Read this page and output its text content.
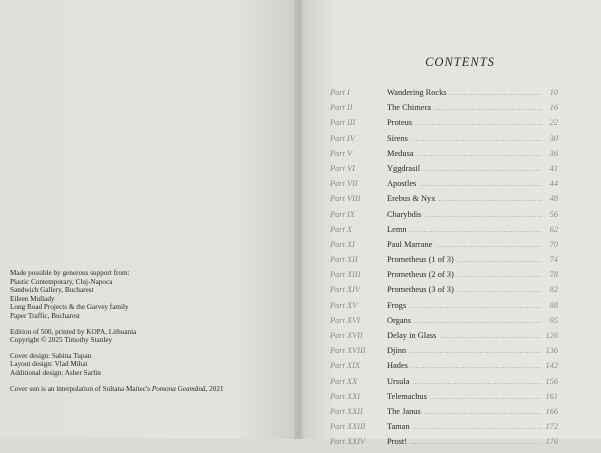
Made possible by generous support from:
Plastic Contemporary, Cluj-Napoca
Sandwich Gallery, Bucharest
Eileen Mullady
Long Road Projects & the Garvey family
Paper Traffic, Bucharest
Edition of 500, printed by KOPA, Lithuania
Copyright © 2025 Timothy Stanley
Cover design: Sabina Tupan
Layout design: Vlad Mihai
Additional design: Asher Sarlin
Cover sun is an interpolation of Sultana Maitec's Pomona Geamănă, 2021
CONTENTS
Part I	Wandering Rocks .....	10
Part II	The Chimera .....	16
Part III	Proteus .....	22
Part IV	Sirens .....	30
Part V	Medusa .....	36
Part VI	Yggdrasil .....	41
Part VII	Apostles .....	44
Part VIII	Erebus & Nyx .....	48
Part IX	Charybdis .....	56
Part X	Lemn .....	62
Part XI	Paul Marrane .....	70
Part XII	Prometheus (1 of 3) .....	74
Part XIII	Prometheus (2 of 3) .....	78
Part XIV	Prometheus (3 of 3) .....	82
Part XV	Frogs .....	88
Part XVI	Organs .....	95
Part XVII	Delay in Glass .....	126
Part XVIII	Djinn .....	136
Part XIX	Hades .....	142
Part XX	Ursula .....	156
Part XXI	Telemachus .....	161
Part XXII	The Janus .....	166
Part XXIII	Taman .....	172
Part XXIV	Prost! .....	176
